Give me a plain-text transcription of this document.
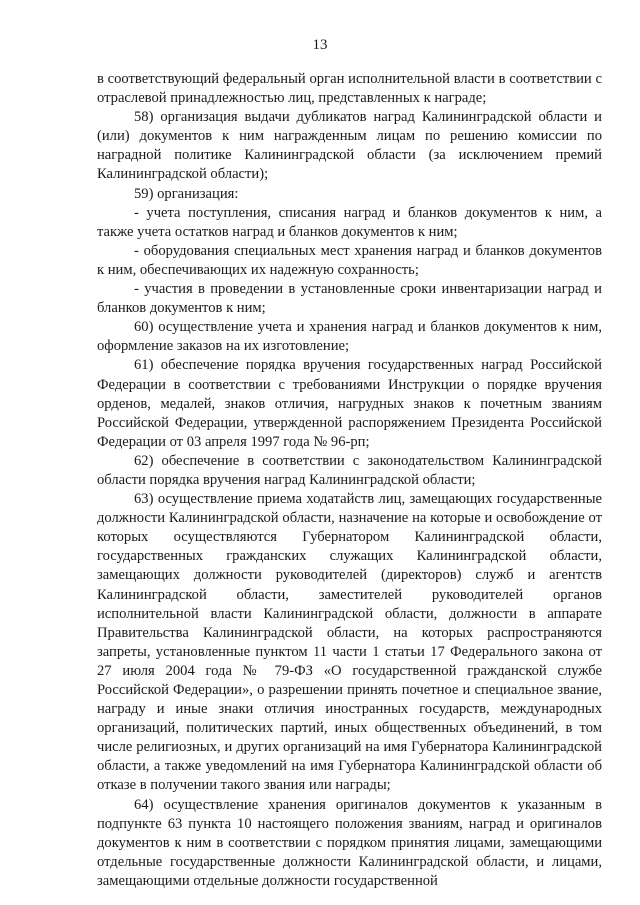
13

в соответствующий федеральный орган исполнительной власти в соответствии с отраслевой принадлежностью лиц, представленных к награде;

58) организация выдачи дубликатов наград Калининградской области и (или) документов к ним награжденным лицам по решению комиссии по наградной политике Калининградской области (за исключением премий Калининградской области);

59) организация:

- учета поступления, списания наград и бланков документов к ним, а также учета остатков наград и бланков документов к ним;

- оборудования специальных мест хранения наград и бланков документов к ним, обеспечивающих их надежную сохранность;

- участия в проведении в установленные сроки инвентаризации наград и бланков документов к ним;

60) осуществление учета и хранения наград и бланков документов к ним, оформление заказов на их изготовление;

61) обеспечение порядка вручения государственных наград Российской Федерации в соответствии с требованиями Инструкции о порядке вручения орденов, медалей, знаков отличия, нагрудных знаков к почетным званиям Российской Федерации, утвержденной распоряжением Президента Российской Федерации от 03 апреля 1997 года № 96-рп;

62) обеспечение в соответствии с законодательством Калининградской области порядка вручения наград Калининградской области;

63) осуществление приема ходатайств лиц, замещающих государственные должности Калининградской области, назначение на которые и освобождение от которых осуществляются Губернатором Калининградской области, государственных гражданских служащих Калининградской области, замещающих должности руководителей (директоров) служб и агентств Калининградской области, заместителей руководителей органов исполнительной власти Калининградской области, должности в аппарате Правительства Калининградской области, на которых распространяются запреты, установленные пунктом 11 части 1 статьи 17 Федерального закона от 27 июля 2004 года № 79-ФЗ «О государственной гражданской службе Российской Федерации», о разрешении принять почетное и специальное звание, награду и иные знаки отличия иностранных государств, международных организаций, политических партий, иных общественных объединений, в том числе религиозных, и других организаций на имя Губернатора Калининградской области, а также уведомлений на имя Губернатора Калининградской области об отказе в получении такого звания или награды;

64) осуществление хранения оригиналов документов к указанным в подпункте 63 пункта 10 настоящего положения званиям, наград и оригиналов документов к ним в соответствии с порядком принятия лицами, замещающими отдельные государственные должности Калининградской области, и лицами, замещающими отдельные должности государственной
